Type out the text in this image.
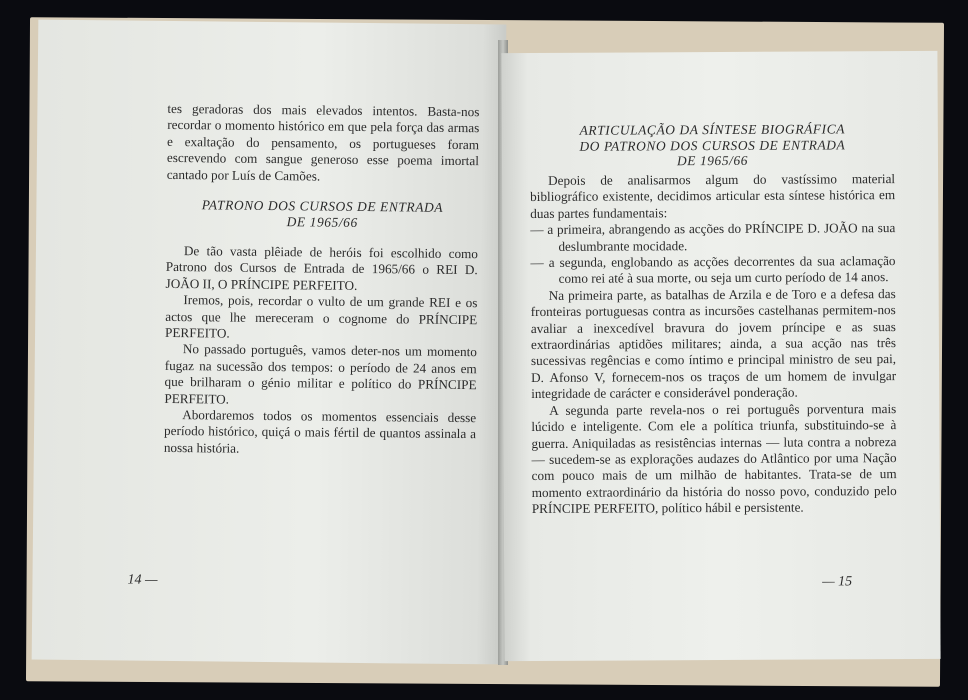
tes geradoras dos mais elevados intentos. Basta-nos recordar o momento histórico em que pela força das armas e exaltação do pensamento, os portugueses foram escrevendo com sangue generoso esse poema imortal cantado por Luís de Camões.

PATRONO DOS CURSOS DE ENTRADA
DE 1965/66

De tão vasta plêiade de heróis foi escolhido como Patrono dos Cursos de Entrada de 1965/66 o REI D. JOÃO II, O PRÍNCIPE PERFEITO.

Iremos, pois, recordar o vulto de um grande REI e os actos que lhe mereceram o cognome do PRÍNCIPE PERFEITO.

No passado português, vamos deter-nos um momento fugaz na sucessão dos tempos: o período de 24 anos em que brilharam o génio militar e político do PRÍNCIPE PERFEITO.

Abordaremos todos os momentos essenciais desse período histórico, quiçá o mais fértil de quantos assinala a nossa história.

14 —
ARTICULAÇÃO DA SÍNTESE BIOGRÁFICA
DO PATRONO DOS CURSOS DE ENTRADA
DE 1965/66

Depois de analisarmos algum do vastíssimo material bibliográfico existente, decidimos articular esta síntese histórica em duas partes fundamentais:

— a primeira, abrangendo as acções do PRÍNCIPE D. JOÃO na sua deslumbrante mocidade.

— a segunda, englobando as acções decorrentes da sua aclamação como rei até à sua morte, ou seja um curto período de 14 anos.

Na primeira parte, as batalhas de Arzila e de Toro e a defesa das fronteiras portuguesas contra as incursões castelhanas permitem-nos avaliar a inexcedível bravura do jovem príncipe e as suas extraordinárias aptidões militares; ainda, a sua acção nas três sucessivas regências e como íntimo e principal ministro de seu pai, D. Afonso V, fornecem-nos os traços de um homem de invulgar integridade de carácter e considerável ponderação.

A segunda parte revela-nos o rei português porventura mais lúcido e inteligente. Com ele a política triunfa, substituindo-se à guerra. Aniquiladas as resistências internas — luta contra a nobreza — sucedem-se as explorações audazes do Atlântico por uma Nação com pouco mais de um milhão de habitantes. Trata-se de um momento extraordinário da história do nosso povo, conduzido pelo PRÍNCIPE PERFEITO, político hábil e persistente.

— 15
